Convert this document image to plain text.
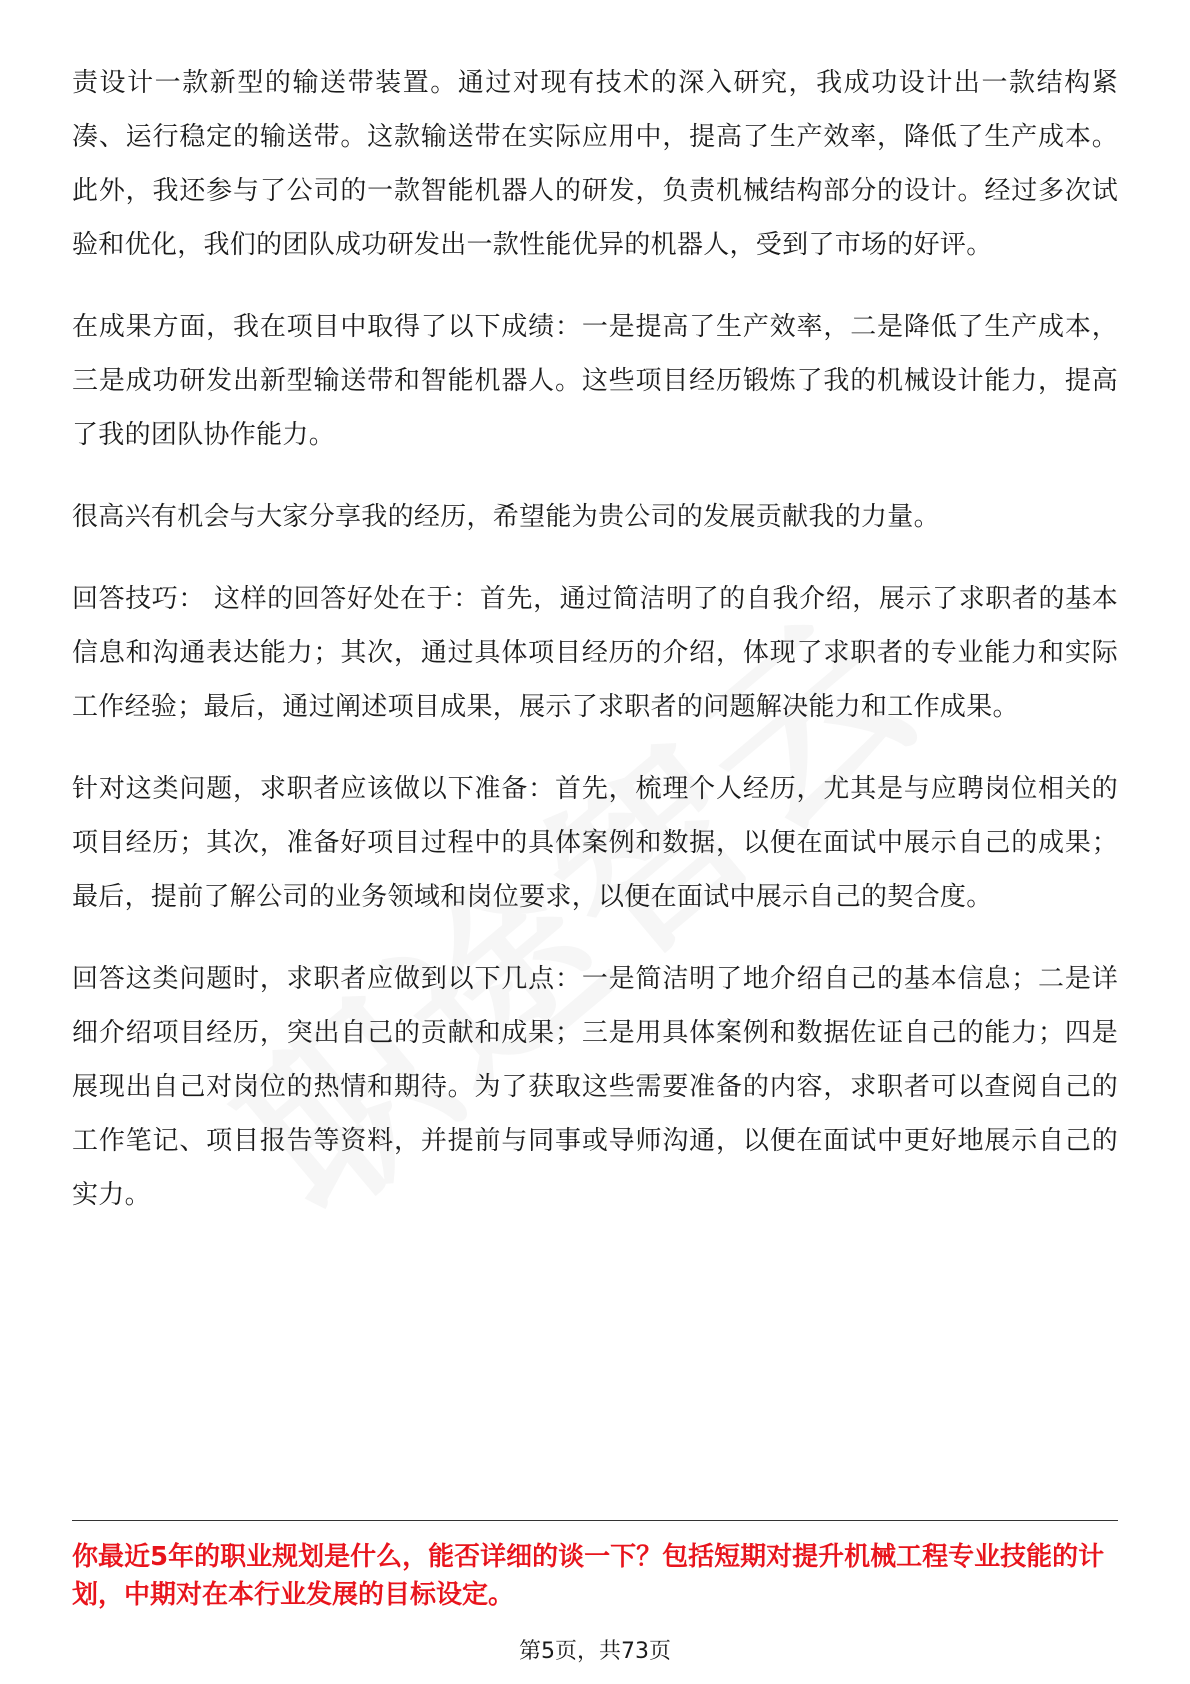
责设计一款新型的输送带装置。通过对现有技术的深入研究，我成功设计出一款结构紧凑、运行稳定的输送带。这款输送带在实际应用中，提高了生产效率，降低了生产成本。此外，我还参与了公司的一款智能机器人的研发，负责机械结构部分的设计。经过多次试验和优化，我们的团队成功研发出一款性能优异的机器人，受到了市场的好评。

在成果方面，我在项目中取得了以下成绩：一是提高了生产效率，二是降低了生产成本，三是成功研发出新型输送带和智能机器人。这些项目经历锻炼了我的机械设计能力，提高了我的团队协作能力。

很高兴有机会与大家分享我的经历，希望能为贵公司的发展贡献我的力量。

回答技巧： 这样的回答好处在于：首先，通过简洁明了的自我介绍，展示了求职者的基本信息和沟通表达能力；其次，通过具体项目经历的介绍，体现了求职者的专业能力和实际工作经验；最后，通过阐述项目成果，展示了求职者的问题解决能力和工作成果。

针对这类问题，求职者应该做以下准备：首先，梳理个人经历，尤其是与应聘岗位相关的项目经历；其次，准备好项目过程中的具体案例和数据，以便在面试中展示自己的成果；最后，提前了解公司的业务领域和岗位要求，以便在面试中展示自己的契合度。

回答这类问题时，求职者应做到以下几点：一是简洁明了地介绍自己的基本信息；二是详细介绍项目经历，突出自己的贡献和成果；三是用具体案例和数据佐证自己的能力；四是展现出自己对岗位的热情和期待。为了获取这些需要准备的内容，求职者可以查阅自己的工作笔记、项目报告等资料，并提前与同事或导师沟通，以便在面试中更好地展示自己的实力。

你最近5年的职业规划是什么，能否详细的谈一下？包括短期对提升机械工程专业技能的计划，中期对在本行业发展的目标设定。
第5页，共73页
